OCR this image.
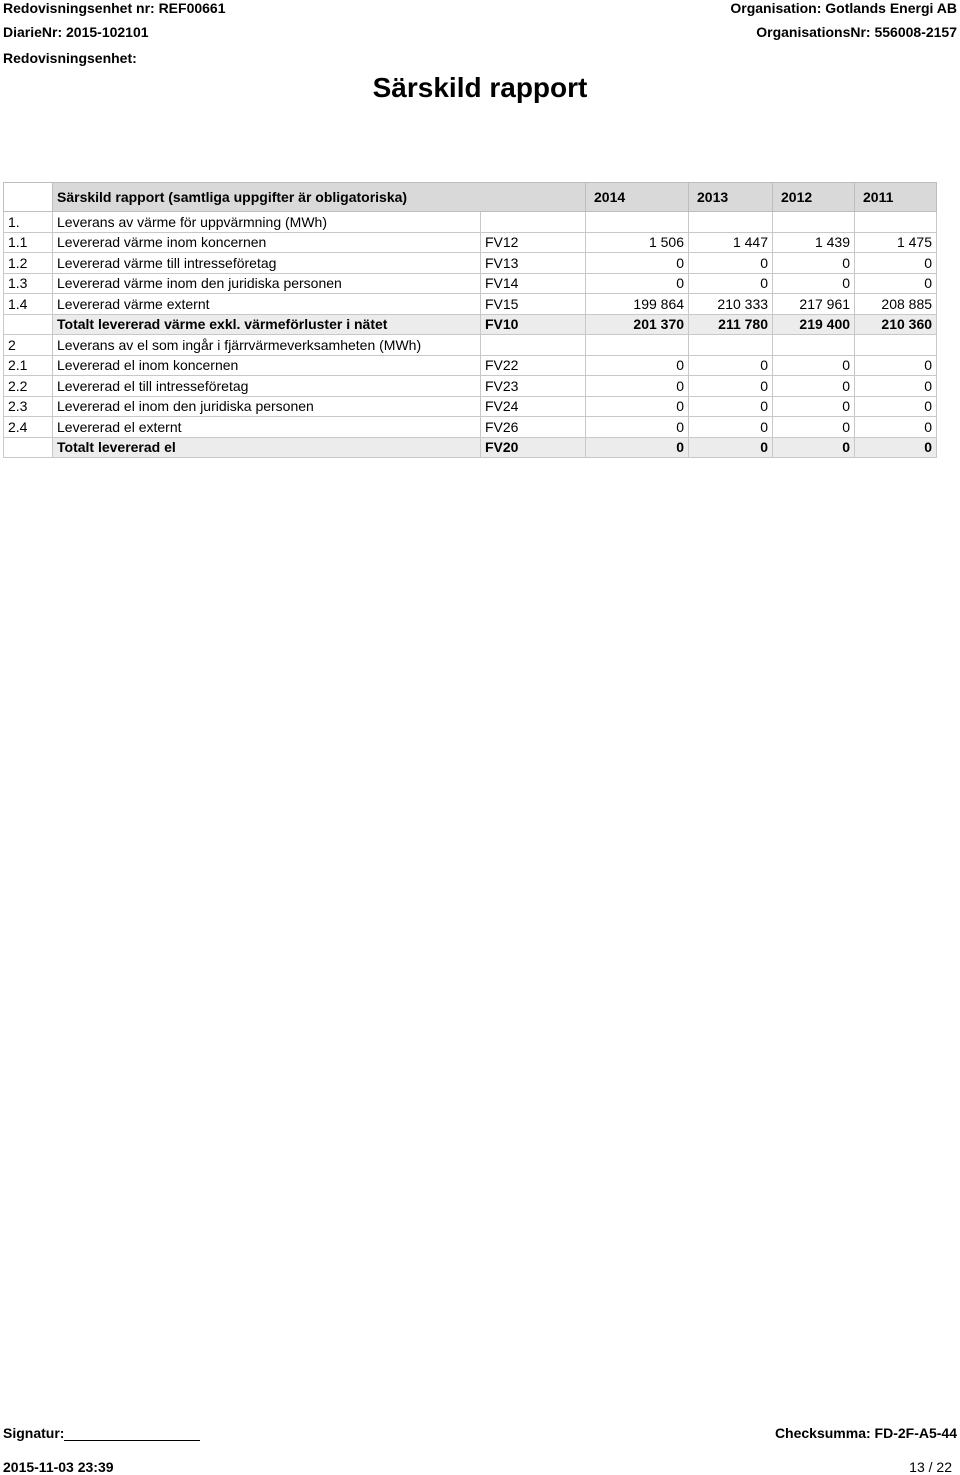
Redovisningsenhet nr: REF00661
DiarieNr: 2015-102101
Redovisningsenhet:
Organisation: Gotlands Energi AB
OrganisationsNr: 556008-2157
Särskild rapport
	Särskild rapport (samtliga uppgifter är obligatoriska)		2014	2013	2012	2011
1.	Leverans av värme för uppvärmning (MWh)					
1.1	Levererad värme inom koncernen	FV12	1 506	1 447	1 439	1 475
1.2	Levererad värme till intresseföretag	FV13	0	0	0	0
1.3	Levererad värme inom den juridiska personen	FV14	0	0	0	0
1.4	Levererad värme externt	FV15	199 864	210 333	217 961	208 885
	Totalt levererad värme exkl. värmeförluster i nätet	FV10	201 370	211 780	219 400	210 360
2	Leverans av el som ingår i fjärrvärmeverksamheten (MWh)					
2.1	Levererad el inom koncernen	FV22	0	0	0	0
2.2	Levererad el till intresseföretag	FV23	0	0	0	0
2.3	Levererad el inom den juridiska personen	FV24	0	0	0	0
2.4	Levererad el externt	FV26	0	0	0	0
	Totalt levererad el	FV20	0	0	0	0
Signatur:	Checksumma: FD-2F-A5-44
2015-11-03 23:39	13 / 22
